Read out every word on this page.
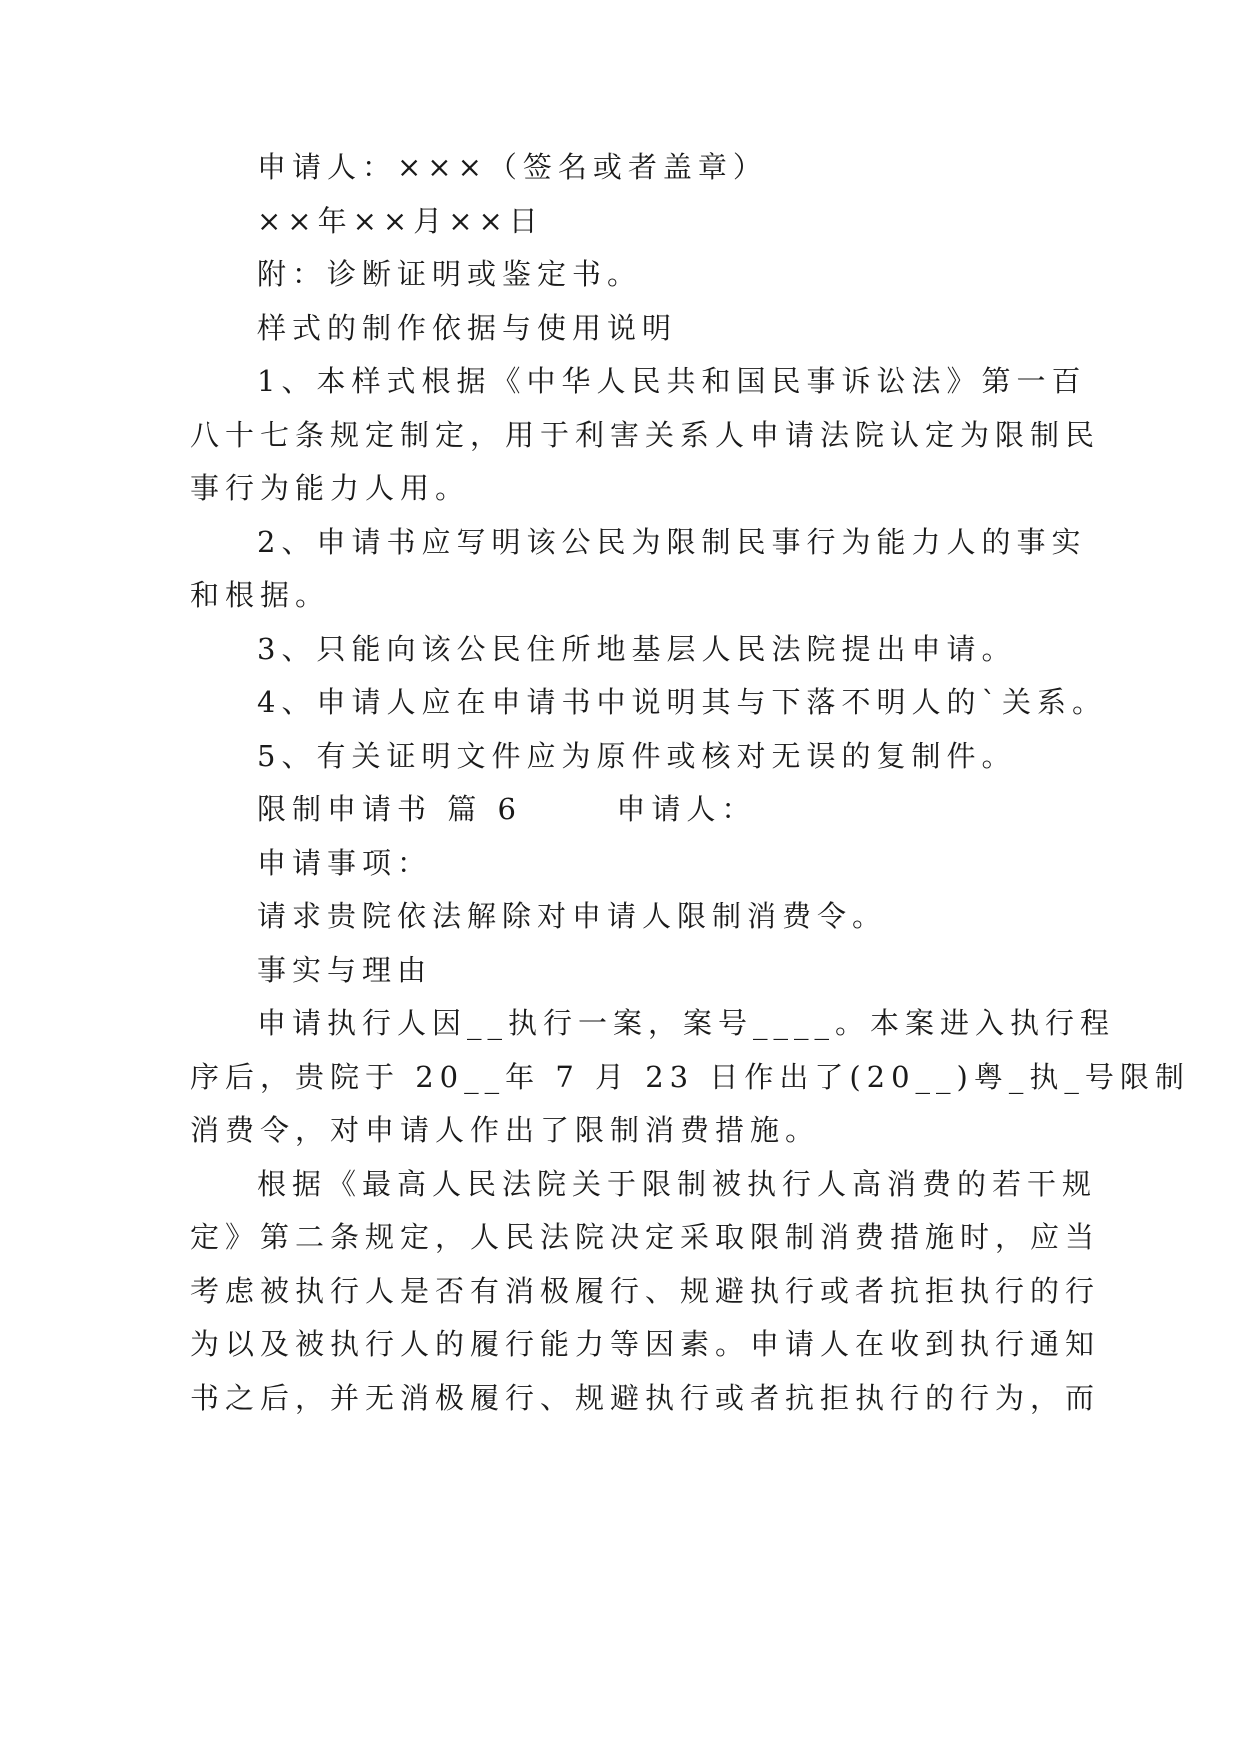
申请人：×××（签名或者盖章）
××年××月××日
附：诊断证明或鉴定书。
样式的制作依据与使用说明
1、本样式根据《中华人民共和国民事诉讼法》第一百
八十七条规定制定，用于利害关系人申请法院认定为限制民
事行为能力人用。
2、申请书应写明该公民为限制民事行为能力人的事实
和根据。
3、只能向该公民住所地基层人民法院提出申请。
4、申请人应在申请书中说明其与下落不明人的`关系。
5、有关证明文件应为原件或核对无误的复制件。
限制申请书 篇 6	申请人：
申请事项：
请求贵院依法解除对申请人限制消费令。
事实与理由
申请执行人因__执行一案，案号____。本案进入执行程
序后，贵院于 20__年 7 月 23 日作出了(20__)粤_执_号限制
消费令，对申请人作出了限制消费措施。
根据《最高人民法院关于限制被执行人高消费的若干规
定》第二条规定，人民法院决定采取限制消费措施时，应当
考虑被执行人是否有消极履行、规避执行或者抗拒执行的行
为以及被执行人的履行能力等因素。申请人在收到执行通知
书之后，并无消极履行、规避执行或者抗拒执行的行为，而
